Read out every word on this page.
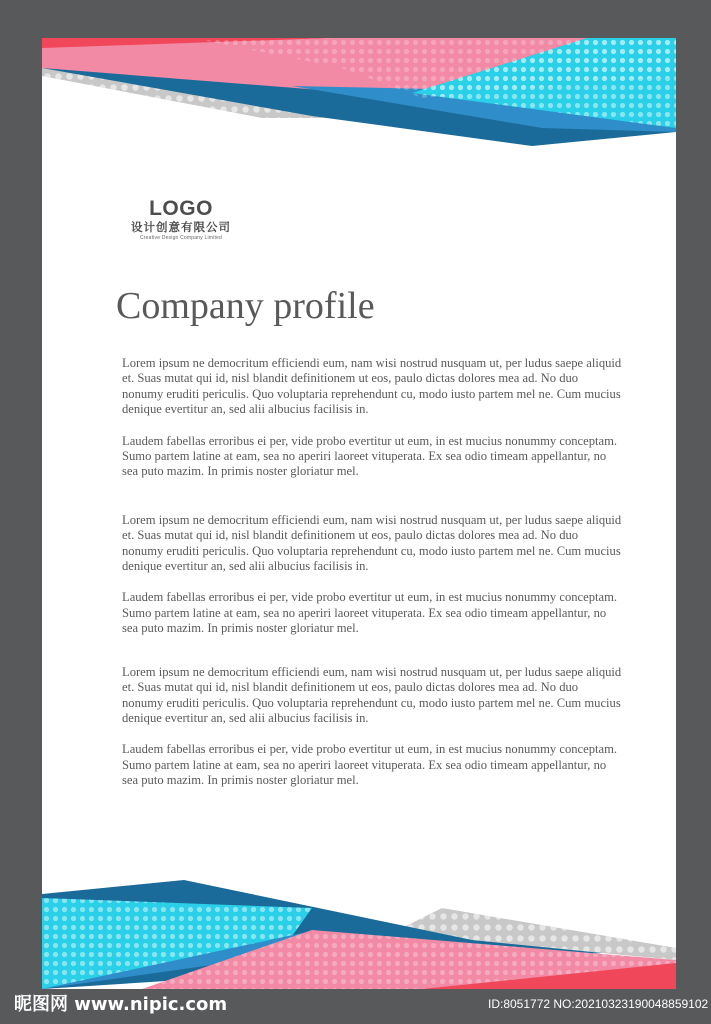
LOGO
设计创意有限公司
Creative Design Company Limited
Company profile

Lorem ipsum ne democritum efficiendi eum, nam wisi nostrud nusquam ut, per ludus saepe aliquid et. Suas mutat qui id, nisl blandit definitionem ut eos, paulo dictas dolores mea ad. No duo nonumy eruditi periculis. Quo voluptaria reprehendunt cu, modo iusto partem mel ne. Cum mucius denique evertitur an, sed alii albucius facilisis in.

Laudem fabellas erroribus ei per, vide probo evertitur ut eum, in est mucius nonummy conceptam. Sumo partem latine at eam, sea no aperiri laoreet vituperata. Ex sea odio timeam appellantur, no sea puto mazim. In primis noster gloriatur mel.

Lorem ipsum ne democritum efficiendi eum, nam wisi nostrud nusquam ut, per ludus saepe aliquid et. Suas mutat qui id, nisl blandit definitionem ut eos, paulo dictas dolores mea ad. No duo nonumy eruditi periculis. Quo voluptaria reprehendunt cu, modo iusto partem mel ne. Cum mucius denique evertitur an, sed alii albucius facilisis in.

Laudem fabellas erroribus ei per, vide probo evertitur ut eum, in est mucius nonummy conceptam. Sumo partem latine at eam, sea no aperiri laoreet vituperata. Ex sea odio timeam appellantur, no sea puto mazim. In primis noster gloriatur mel.

Lorem ipsum ne democritum efficiendi eum, nam wisi nostrud nusquam ut, per ludus saepe aliquid et. Suas mutat qui id, nisl blandit definitionem ut eos, paulo dictas dolores mea ad. No duo nonumy eruditi periculis. Quo voluptaria reprehendunt cu, modo iusto partem mel ne. Cum mucius denique evertitur an, sed alii albucius facilisis in.

Laudem fabellas erroribus ei per, vide probo evertitur ut eum, in est mucius nonummy conceptam. Sumo partem latine at eam, sea no aperiri laoreet vituperata. Ex sea odio timeam appellantur, no sea puto mazim. In primis noster gloriatur mel.

昵图网 www.nipic.com	ID:8051772 NO:20210323190048859102
